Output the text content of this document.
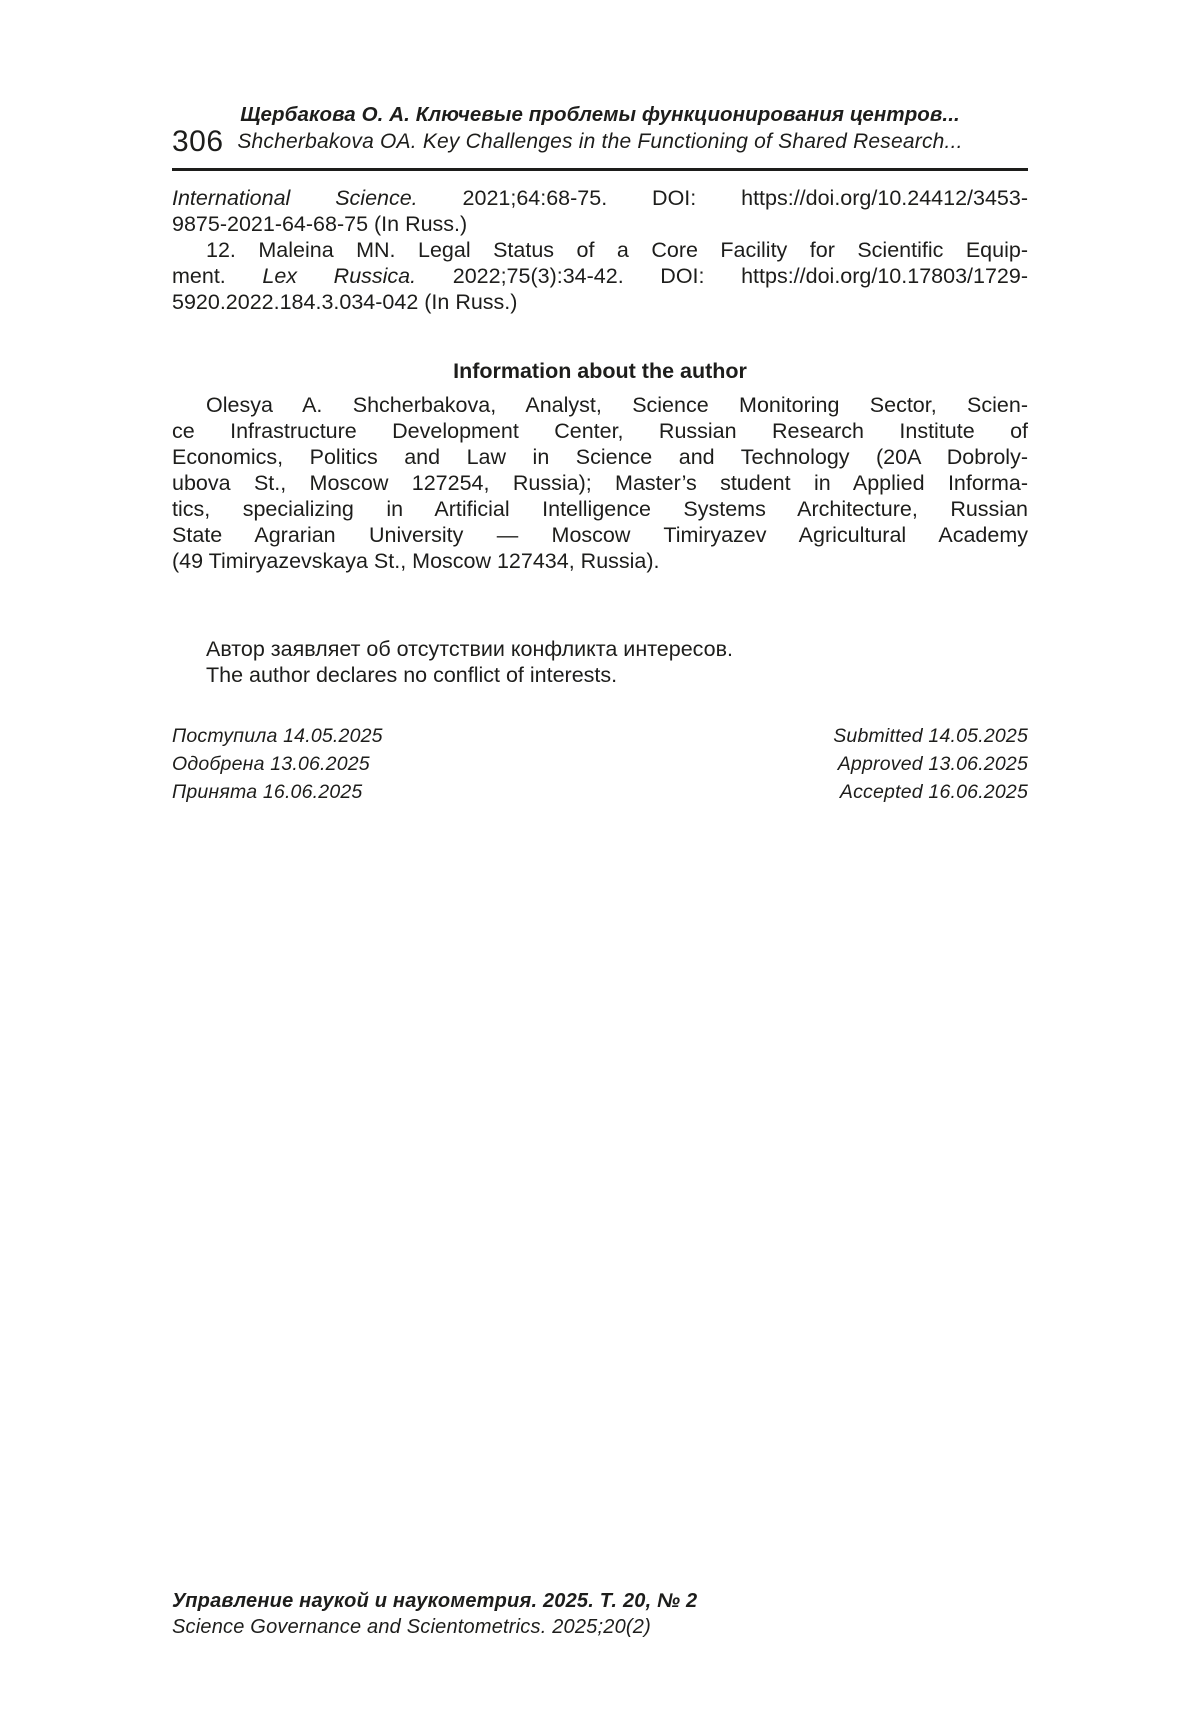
306
Щербакова О. А. Ключевые проблемы функционирования центров...
Shcherbakova OA. Key Challenges in the Functioning of Shared Research...
International Science. 2021;64:68-75. DOI: https://doi.org/10.24412/3453-
9875-2021-64-68-75 (In Russ.)
12. Maleina MN. Legal Status of a Core Facility for Scientific Equip-
ment. Lex Russica. 2022;75(3):34-42. DOI: https://doi.org/10.17803/1729-
5920.2022.184.3.034-042 (In Russ.)
Information about the author
Olesya A. Shcherbakova, Analyst, Science Monitoring Sector, Scien-
ce Infrastructure Development Center, Russian Research Institute of
Economics, Politics and Law in Science and Technology (20A Dobroly-
ubova St., Moscow 127254, Russia); Master’s student in Applied Informa-
tics, specializing in Artificial Intelligence Systems Architecture, Russian
State Agrarian University — Moscow Timiryazev Agricultural Academy
(49 Timiryazevskaya St., Moscow 127434, Russia).
Автор заявляет об отсутствии конфликта интересов.
The author declares no conflict of interests.
Поступила 14.05.2025	Submitted 14.05.2025
Одобрена 13.06.2025	Approved 13.06.2025
Принята 16.06.2025	Accepted 16.06.2025
Управление наукой и наукометрия. 2025. Т. 20, № 2
Science Governance and Scientometrics. 2025;20(2)
